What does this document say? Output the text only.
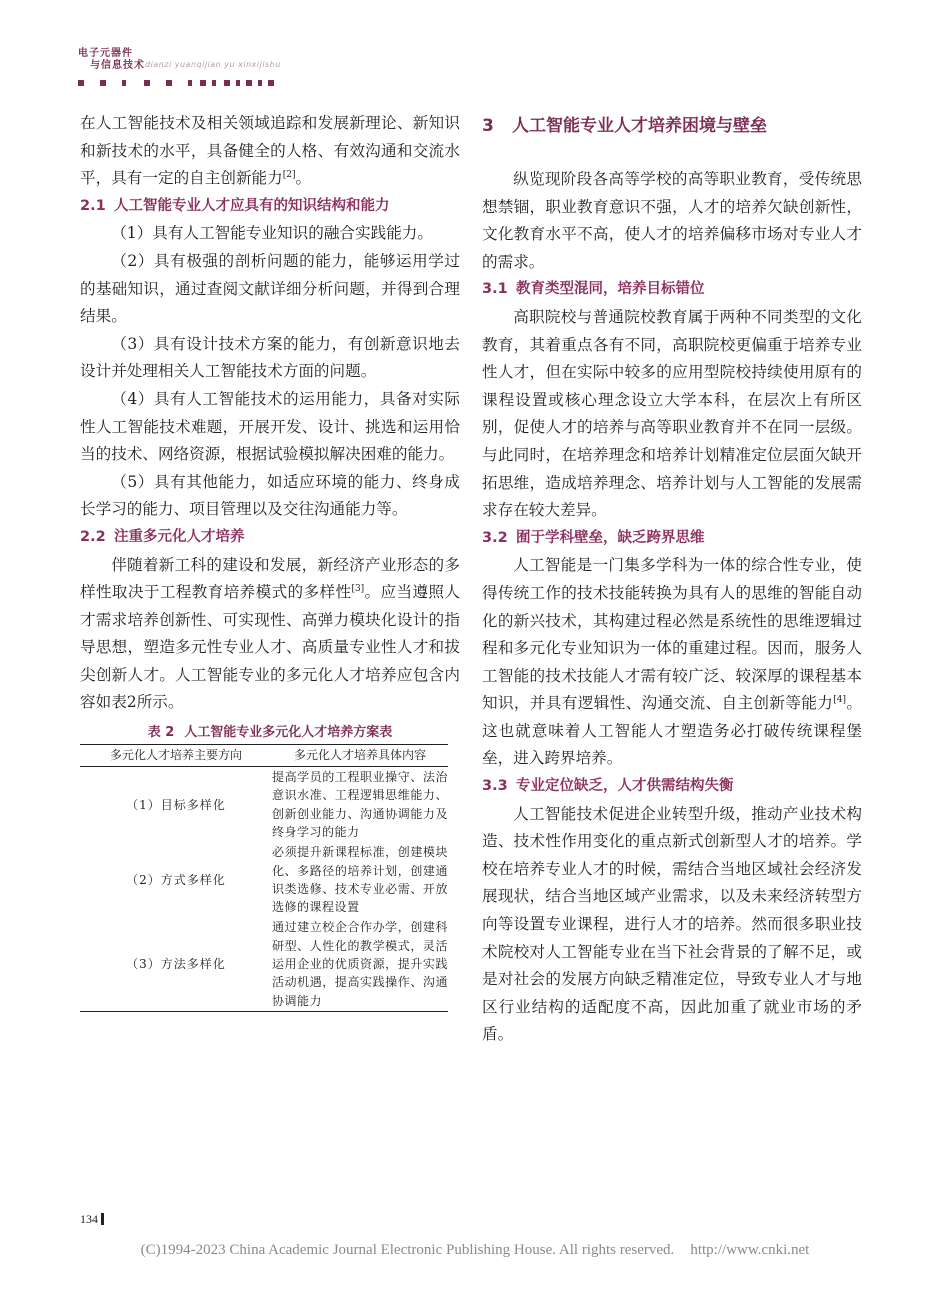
电子元器件
与信息技术 dianzi yuanqijian yu xinxijishu

在人工智能技术及相关领域追踪和发展新理论、新知识和新技术的水平，具备健全的人格、有效沟通和交流水平，具有一定的自主创新能力[2]。

2.1 人工智能专业人才应具有的知识结构和能力

（1）具有人工智能专业知识的融合实践能力。

（2）具有极强的剖析问题的能力，能够运用学过的基础知识，通过查阅文献详细分析问题，并得到合理结果。

（3）具有设计技术方案的能力，有创新意识地去设计并处理相关人工智能技术方面的问题。

（4）具有人工智能技术的运用能力，具备对实际性人工智能技术难题，开展开发、设计、挑选和运用恰当的技术、网络资源，根据试验模拟解决困难的能力。

（5）具有其他能力，如适应环境的能力、终身成长学习的能力、项目管理以及交往沟通能力等。

2.2 注重多元化人才培养

伴随着新工科的建设和发展，新经济产业形态的多样性取决于工程教育培养模式的多样性[3]。应当遵照人才需求培养创新性、可实现性、高弹力模块化设计的指导思想，塑造多元性专业人才、高质量专业性人才和拔尖创新人才。人工智能专业的多元化人才培养应包含内容如表2所示。

表 2 人工智能专业多元化人才培养方案表
多元化人才培养主要方向	多元化人才培养具体内容
（1）目标多样化	提高学员的工程职业操守、法治意识水准、工程逻辑思维能力、创新创业能力、沟通协调能力及终身学习的能力
（2）方式多样化	必须提升新课程标准，创建模块化、多路径的培养计划，创建通识类选修、技术专业必需、开放选修的课程设置
（3）方法多样化	通过建立校企合作办学，创建科研型、人性化的教学模式，灵活运用企业的优质资源，提升实践活动机遇，提高实践操作、沟通协调能力
3 人工智能专业人才培养困境与壁垒

纵览现阶段各高等学校的高等职业教育，受传统思想禁锢，职业教育意识不强，人才的培养欠缺创新性，文化教育水平不高，使人才的培养偏移市场对专业人才的需求。

3.1 教育类型混同，培养目标错位

高职院校与普通院校教育属于两种不同类型的文化教育，其着重点各有不同，高职院校更偏重于培养专业性人才，但在实际中较多的应用型院校持续使用原有的课程设置或核心理念设立大学本科，在层次上有所区别，促使人才的培养与高等职业教育并不在同一层级。与此同时，在培养理念和培养计划精准定位层面欠缺开拓思维，造成培养理念、培养计划与人工智能的发展需求存在较大差异。

3.2 囿于学科壁垒，缺乏跨界思维

人工智能是一门集多学科为一体的综合性专业，使得传统工作的技术技能转换为具有人的思维的智能自动化的新兴技术，其构建过程必然是系统性的思维逻辑过程和多元化专业知识为一体的重建过程。因而，服务人工智能的技术技能人才需有较广泛、较深厚的课程基本知识，并具有逻辑性、沟通交流、自主创新等能力[4]。这也就意味着人工智能人才塑造务必打破传统课程堡垒，进入跨界培养。

3.3 专业定位缺乏，人才供需结构失衡

人工智能技术促进企业转型升级，推动产业技术构造、技术性作用变化的重点新式创新型人才的培养。学校在培养专业人才的时候，需结合当地区域社会经济发展现状，结合当地区域产业需求，以及未来经济转型方向等设置专业课程，进行人才的培养。然而很多职业技术院校对人工智能专业在当下社会背景的了解不足，或是对社会的发展方向缺乏精准定位，导致专业人才与地区行业结构的适配度不高，因此加重了就业市场的矛盾。

134
(C)1994-2023 China Academic Journal Electronic Publishing House. All rights reserved. http://www.cnki.net
